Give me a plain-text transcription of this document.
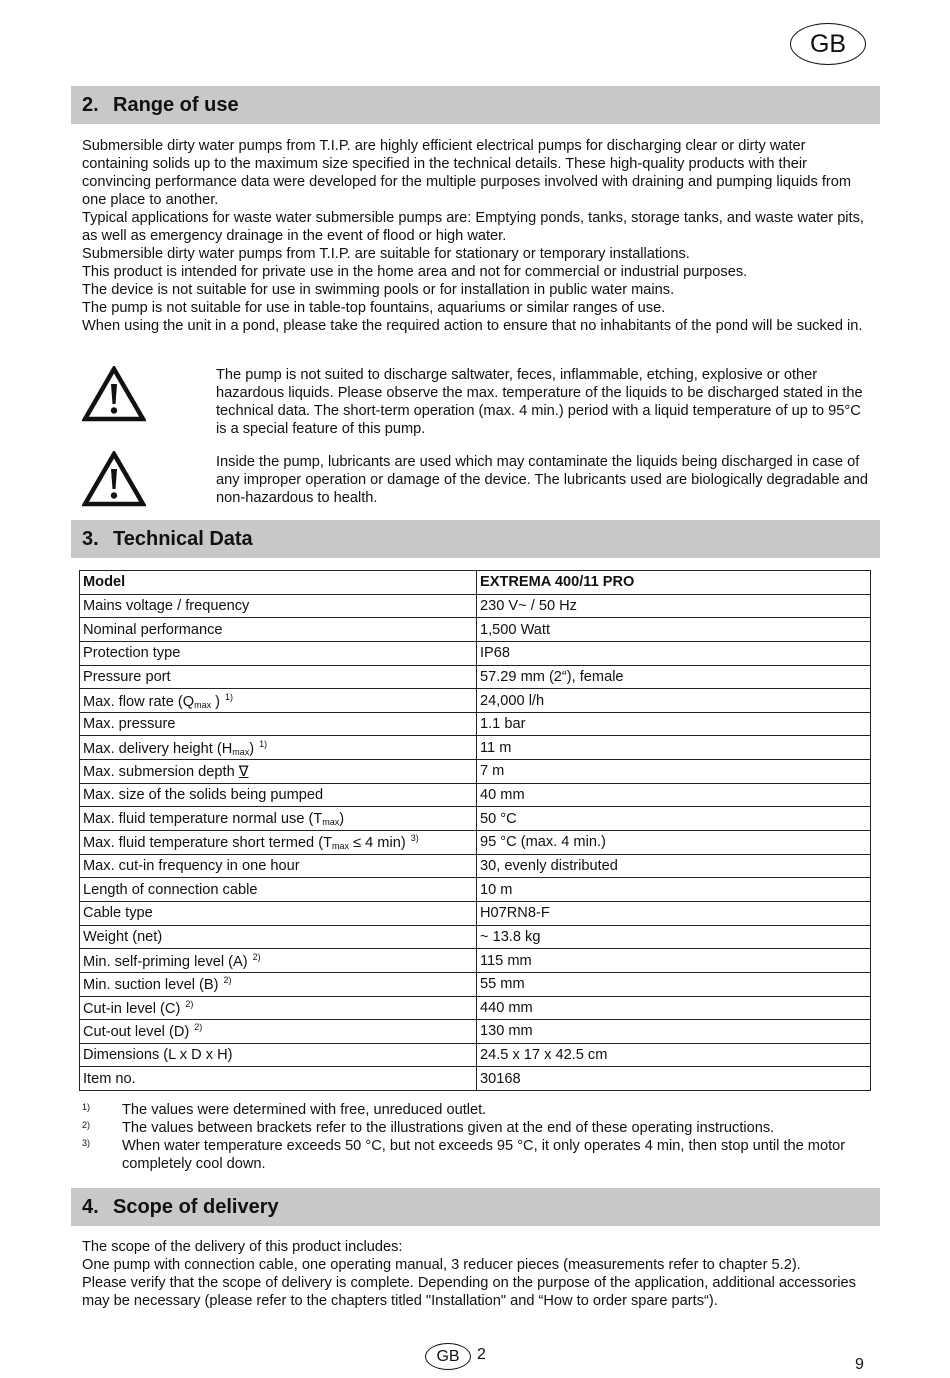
GB
2. Range of use

Submersible dirty water pumps from T.I.P. are highly efficient electrical pumps for discharging clear or dirty water containing solids up to the maximum size specified in the technical details. These high-quality products with their convincing performance data were developed for the multiple purposes involved with draining and pumping liquids from one place to another.

Typical applications for waste water submersible pumps are: Emptying ponds, tanks, storage tanks, and waste water pits, as well as emergency drainage in the event of flood or high water.

Submersible dirty water pumps from T.I.P. are suitable for stationary or temporary installations.

This product is intended for private use in the home area and not for commercial or industrial purposes.

The device is not suitable for use in swimming pools or for installation in public water mains.

The pump is not suitable for use in table-top fountains, aquariums or similar ranges of use.

When using the unit in a pond, please take the required action to ensure that no inhabitants of the pond will be sucked in.

The pump is not suited to discharge saltwater, feces, inflammable, etching, explosive or other hazardous liquids. Please observe the max. temperature of the liquids to be discharged stated in the technical data. The short-term operation (max. 4 min.) period with a liquid temperature of up to 95°C is a special feature of this pump.
Inside the pump, lubricants are used which may contaminate the liquids being discharged in case of any improper operation or damage of the device. The lubricants used are biologically degradable and non-hazardous to health.
3. Technical Data
Model	EXTREMA 400/11 PRO
Mains voltage / frequency	230 V~ / 50 Hz
Nominal performance	1,500 Watt
Protection type	IP68
Pressure port	57.29 mm (2“), female
Max. flow rate ($Q_{max}$ ) $^{1)}$	24,000 l/h
Max. pressure	1.1 bar
Max. delivery height $(H_{max})$ $^{1)}$	11 m
Max. submersion depth ∇	7 m
Max. size of the solids being pumped	40 mm
Max. fluid temperature normal use $(T_{max})$	50 °C
Max. fluid temperature short termed ($T_{max} \le 4$ min) $^{3)}$	95 °C (max. 4 min.)
Max. cut-in frequency in one hour	30, evenly distributed
Length of connection cable	10 m
Cable type	H07RN8-F
Weight (net)	~ 13.8 kg
Min. self-priming level (A) $^{2)}$	115 mm
Min. suction level (B) $^{2)}$	55 mm
Cut-in level (C) $^{2)}$	440 mm
Cut-out level (D) $^{2)}$	130 mm
Dimensions (L x D x H)	24.5 x 17 x 42.5 cm
Item no.	30168
1) The values were determined with free, unreduced outlet.
2) The values between brackets refer to the illustrations given at the end of these operating instructions.
3) When water temperature exceeds 50 °C, but not exceeds 95 °C, it only operates 4 min, then stop until the motor completely cool down.
4. Scope of delivery

The scope of the delivery of this product includes:

One pump with connection cable, one operating manual, 3 reducer pieces (measurements refer to chapter 5.2).

Please verify that the scope of delivery is complete. Depending on the purpose of the application, additional accessories may be necessary (please refer to the chapters titled "Installation" and “How to order spare parts“).

GB	2
9
